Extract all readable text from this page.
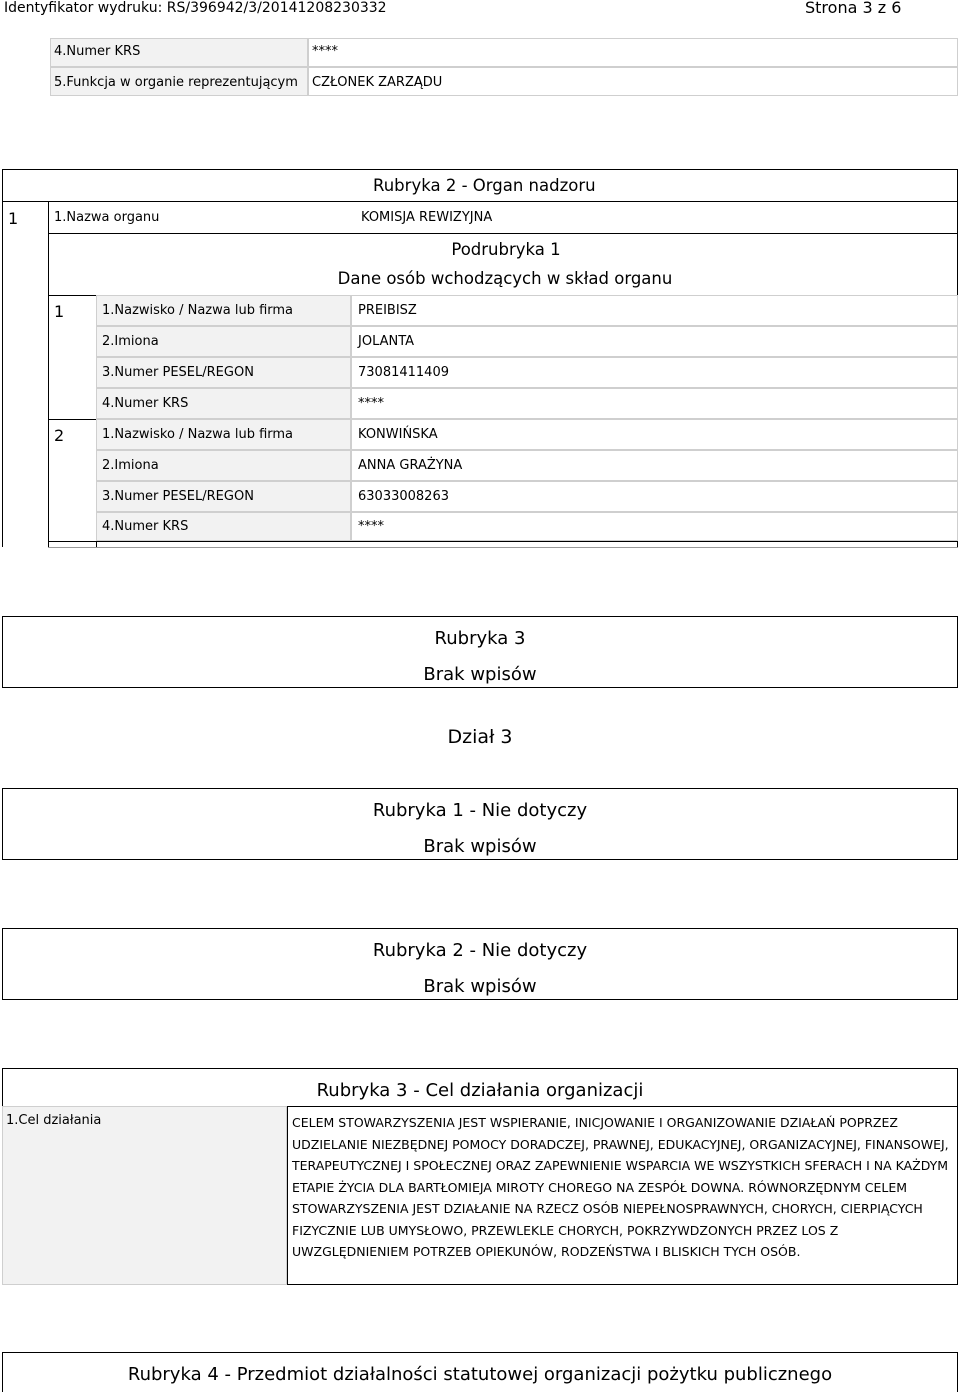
Identyfikator wydruku: RS/396942/3/20141208230332	Strona 3 z 6
4.Numer KRS	****
5.Funkcja w organie reprezentującym CZŁONEK ZARZĄDU
Rubryka 2 - Organ nadzoru
1	1.Nazwa organu	KOMISJA REWIZYJNA
Podrubryka 1
Dane osób wchodzących w skład organu
1	1.Nazwisko / Nazwa lub firma	PREIBISZ
2.Imiona	JOLANTA
3.Numer PESEL/REGON	73081411409
4.Numer KRS	****
2	1.Nazwisko / Nazwa lub firma	KONWIŃSKA
2.Imiona	ANNA GRAŻYNA
3.Numer PESEL/REGON	63033008263
4.Numer KRS	****
Rubryka 3
Brak wpisów
Dział 3
Rubryka 1 - Nie dotyczy
Brak wpisów
Rubryka 2 - Nie dotyczy
Brak wpisów
Rubryka 3 - Cel działania organizacji
1.Cel działania	CELEM STOWARZYSZENIA JEST WSPIERANIE, INICJOWANIE I ORGANIZOWANIE DZIAŁAŃ POPRZEZ UDZIELANIE NIEZBĘDNEJ POMOCY DORADCZEJ, PRAWNEJ, EDUKACYJNEJ, ORGANIZACYJNEJ, FINANSOWEJ, TERAPEUTYCZNEJ I SPOŁECZNEJ ORAZ ZAPEWNIENIE WSPARCIA WE WSZYSTKICH SFERACH I NA KAŻDYM ETAPIE ŻYCIA DLA BARTŁOMIEJA MIROTY CHOREGO NA ZESPÓŁ DOWNA. RÓWNORZĘDNYM CELEM STOWARZYSZENIA JEST DZIAŁANIE NA RZECZ OSÓB NIEPEŁNOSPRAWNYCH, CHORYCH, CIERPIĄCYCH FIZYCZNIE LUB UMYSŁOWO, PRZEWLEKLE CHORYCH, POKRZYWDZONYCH PRZEZ LOS Z UWZGLĘDNIENIEM POTRZEB OPIEKUNÓW, RODZEŃSTWA I BLISKICH TYCH OSÓB.
Rubryka 4 - Przedmiot działalności statutowej organizacji pożytku publicznego
